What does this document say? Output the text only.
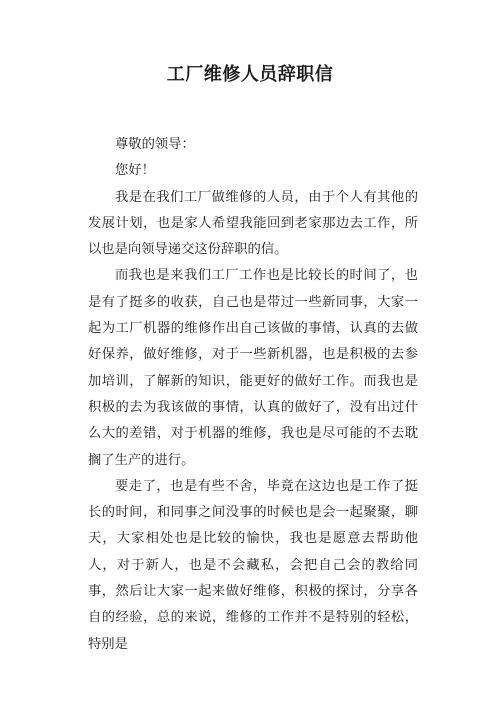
工厂维修人员辞职信

尊敬的领导：

您好！

我是在我们工厂做维修的人员，由于个人有其他的发展计划，也是家人希望我能回到老家那边去工作，所以也是向领导递交这份辞职的信。

而我也是来我们工厂工作也是比较长的时间了，也是有了挺多的收获，自己也是带过一些新同事，大家一起为工厂机器的维修作出自己该做的事情，认真的去做好保养，做好维修，对于一些新机器，也是积极的去参加培训，了解新的知识，能更好的做好工作。而我也是积极的去为我该做的事情，认真的做好了，没有出过什么大的差错，对于机器的维修，我也是尽可能的不去耽搁了生产的进行。

要走了，也是有些不舍，毕竟在这边也是工作了挺长的时间，和同事之间没事的时候也是会一起聚聚，聊天，大家相处也是比较的愉快，我也是愿意去帮助他人，对于新人，也是不会藏私，会把自己会的教给同事，然后让大家一起来做好维修，积极的探讨，分享各自的经验，总的来说，维修的工作并不是特别的轻松，特别是
